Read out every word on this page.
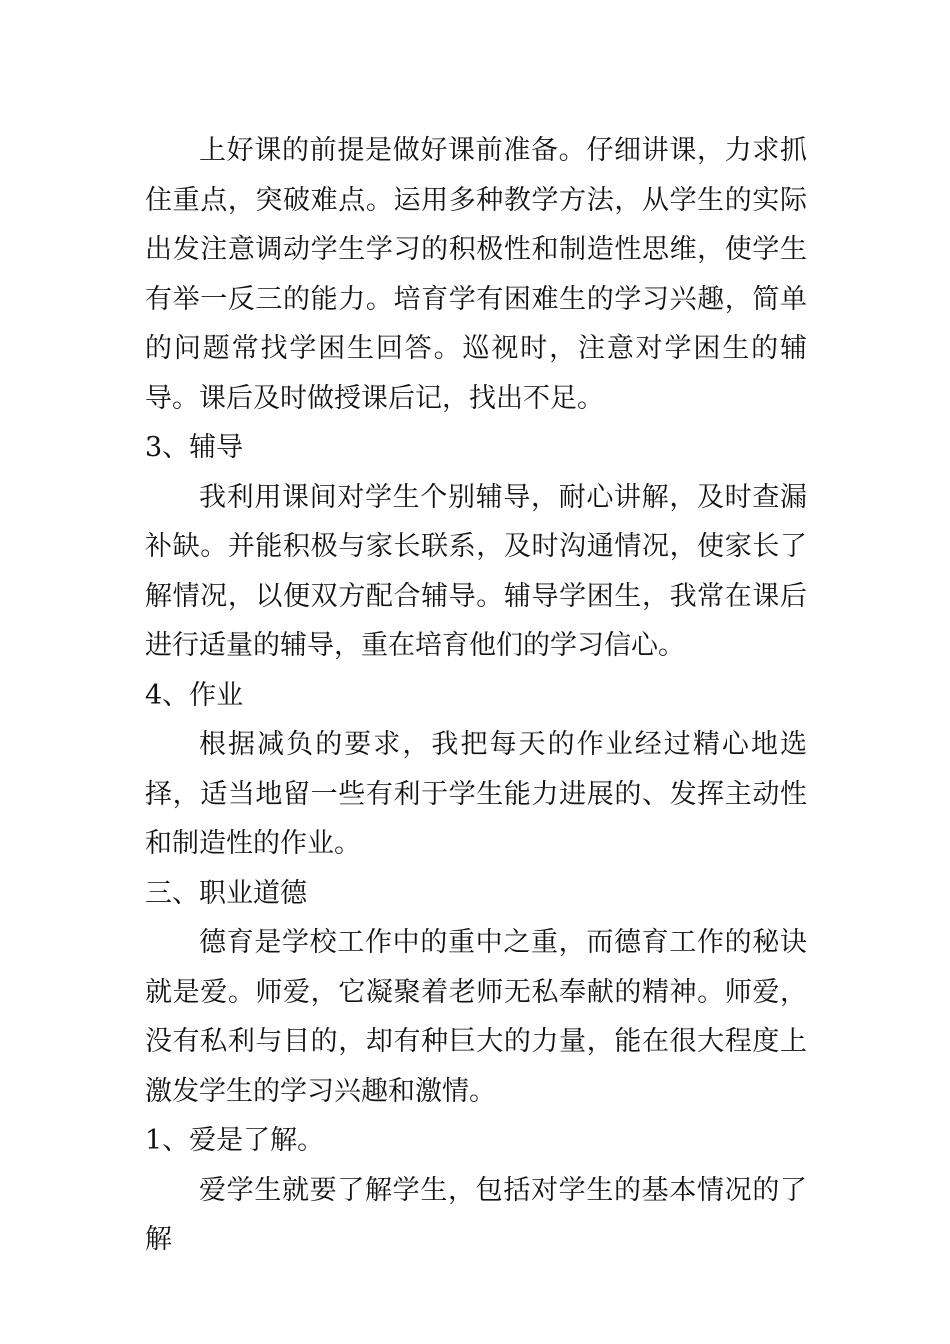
上好课的前提是做好课前准备。仔细讲课，力求抓住重点，突破难点。运用多种教学方法，从学生的实际出发注意调动学生学习的积极性和制造性思维，使学生有举一反三的能力。培育学有困难生的学习兴趣，简单的问题常找学困生回答。巡视时，注意对学困生的辅导。课后及时做授课后记，找出不足。

3、辅导

我利用课间对学生个别辅导，耐心讲解，及时查漏补缺。并能积极与家长联系，及时沟通情况，使家长了解情况，以便双方配合辅导。辅导学困生，我常在课后进行适量的辅导，重在培育他们的学习信心。

4、作业

根据减负的要求，我把每天的作业经过精心地选择，适当地留一些有利于学生能力进展的、发挥主动性和制造性的作业。

三、职业道德

德育是学校工作中的重中之重，而德育工作的秘诀就是爱。师爱，它凝聚着老师无私奉献的精神。师爱，没有私利与目的，却有种巨大的力量，能在很大程度上激发学生的学习兴趣和激情。

1、爱是了解。

爱学生就要了解学生，包括对学生的基本情况的了解
